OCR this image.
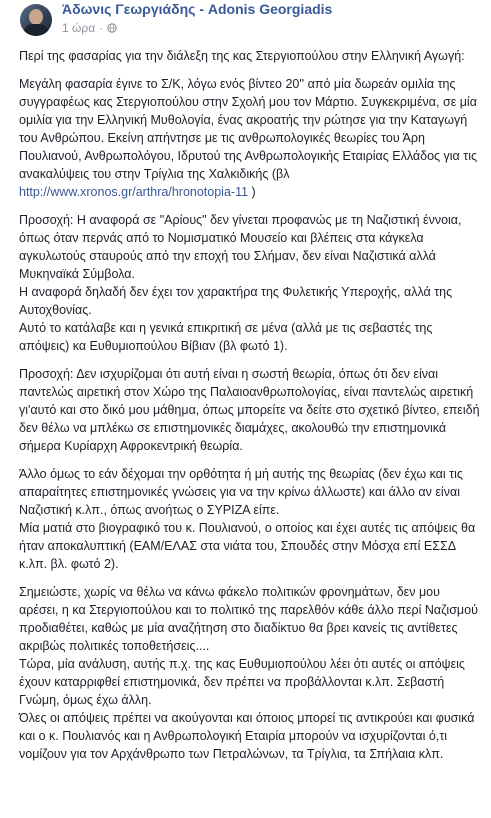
Άδωνις Γεωργιάδης - Adonis Georgiadis
1 ώρα ·

Περί της φασαρίας για την διάλεξη της κας Στεργιοπούλου στην Ελληνική Αγωγή:

Μεγάλη φασαρία έγινε το Σ/Κ, λόγω ενός βίντεο 20'' από μία δωρεάν ομιλία της συγγραφέως κας Στεργιοπούλου στην Σχολή μου τον Μάρτιο. Συγκεκριμένα, σε μία ομιλία για την Ελληνική Μυθολογία, ένας ακροατής την ρώτησε για την Καταγωγή του Ανθρώπου. Εκείνη απήντησε με τις ανθρωπολογικές θεωρίες του Άρη Πουλιανού, Ανθρωπολόγου, Ιδρυτού της Ανθρωπολογικής Εταιρίας Ελλάδος για τις ανακαλύψεις του στην Τρίγλια της Χαλκιδικής (βλ http://www.xronos.gr/arthra/hronotopia-11 )

Προσοχή: Η αναφορά σε "Αρίους" δεν γίνεται προφανώς με τη Ναζιστική έννοια, όπως όταν περνάς από το Νομισματικό Μουσείο και βλέπεις στα κάγκελα αγκυλωτούς σταυρούς από την εποχή του Σλήμαν, δεν είναι Ναζιστικά αλλά Μυκηναϊκά Σύμβολα.

Η αναφορά δηλαδή δεν έχει τον χαρακτήρα της Φυλετικής Υπεροχής, αλλά της Αυτοχθονίας.

Αυτό το κατάλαβε και η γενικά επικριτική σε μένα (αλλά με τις σεβαστές της απόψεις) κα Ευθυμιοπούλου Βίβιαν (βλ φωτό 1).

Προσοχή: Δεν ισχυρίζομαι ότι αυτή είναι η σωστή θεωρία, όπως ότι δεν είναι παντελώς αιρετική στον Χώρο της Παλαιοανθρωπολογίας, είναι παντελώς αιρετική γι'αυτό και στο δικό μου μάθημα, όπως μπορείτε να δείτε στο σχετικό βίντεο, επειδή δεν θέλω να μπλέκω σε επιστημονικές διαμάχες, ακολουθώ την επιστημονικά σήμερα Κυρίαρχη Αφροκεντρική θεωρία.

Άλλο όμως το εάν δέχομαι την ορθότητα ή μή αυτής της θεωρίας (δεν έχω και τις απαραίτητες επιστημονικές γνώσεις για να την κρίνω άλλωστε) και άλλο αν είναι Ναζιστική κ.λπ., όπως ανοήτως ο ΣΥΡΙΖΑ είπε.

Μία ματιά στο βιογραφικό του κ. Πουλιανού, ο οποίος και έχει αυτές τις απόψεις θα ήταν αποκαλυπτική (ΕΑΜ/ΕΛΑΣ στα νιάτα του, Σπουδές στην Μόσχα επί ΕΣΣΔ κ.λπ. βλ. φωτό 2).

Σημειώστε, χωρίς να θέλω να κάνω φάκελο πολιτικών φρονημάτων, δεν μου αρέσει, η κα Στεργιοπούλου και το πολιτικό της παρελθόν κάθε άλλο περί Ναζισμού προδιαθέτει, καθώς με μία αναζήτηση στο διαδίκτυο θα βρει κανείς τις αντίθετες ακριβώς πολιτικές τοποθετήσεις....

Τώρα, μία ανάλυση, αυτής π.χ. της κας Ευθυμιοπούλου λέει ότι αυτές οι απόψεις έχουν καταρριφθεί επιστημονικά, δεν πρέπει να προβάλλονται κ.λπ. Σεβαστή Γνώμη, όμως έχω άλλη.

Όλες οι απόψεις πρέπει να ακούγονται και όποιος μπορεί τις αντικρούει και φυσικά και ο κ. Πουλιανός και η Ανθρωπολογική Εταιρία μπορούν να ισχυρίζονται ό,τι νομίζουν για τον Αρχάνθρωπο των Πετραλώνων, τα Τρίγλια, τα Σπήλαια κλπ.
